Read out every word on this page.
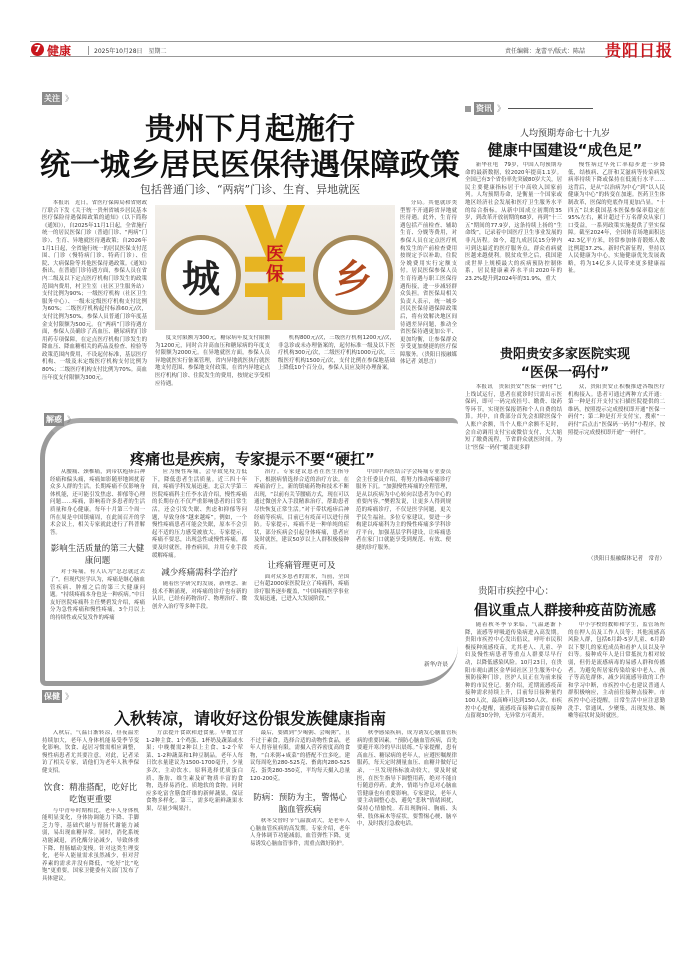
7 健康	2025年10月28日　星期二	责任编辑：龙蕾平/版式：陈喆 贵阳日报
关注 》
贵州下月起施行
统一城乡居民医保待遇保障政策
包括普通门诊、“两病”门诊、生育、异地就医
本报讯　近日，省医疗保障局和省财政厅联合下发《关于统一贵州省城乡居民基本医疗保险待遇保障政策的通知》（以下简称《通知》），自2025年11月1日起，全省施行统一的居民医保门诊（普通门诊、“两病”门诊）、生育、异地就医待遇政策；自2026年1月1日起，全省施行统一的居民医保支付范围、门诊（慢特病门诊、特药门诊）、住院、大病保险等其他医保待遇政策。《通知》指出，在普通门诊待遇方面，参保人员在省内二级及以下定点医疗机构门诊发生的政策范围内费用，村卫生室（社区卫生服务站）支付比例为90%；一级医疗机构（社区卫生服务中心）、一级未定级医疗机构支付比例为60%；二级医疗机构起付标准60元/次，支付比例为50%。参保人员普通门诊年度基金支付限额为500元。在“两病”门诊待遇方面，参保人员确诊了高血压、糖尿病的门诊用药专项保障，在定点医疗机构门诊发生的降血压、降血糖相关的药品及检查、检验等政策范围内费用，不设起付标准，基层医疗机构、一级及未定级医疗机构支付比例为80%；二级医疗机构支付比例为70%。高血压年度支付限额为300元。
城
医保	乡
度支付限额为300元，糖尿病年度支付限额为1200元，同时合并高血压和糖尿病的年度支付限额为2000元。在异地就医方面，参保人员异地就医实行备案管理，省内异地就医执行就医地支付范围、参保地支付政策，在省内异地定点医疗机构门诊、住院发生的费用，按规定享受相应待遇。
机构800元/次，三级医疗机构1200元/次，非急诊或未办理备案的，起付标准一级及以下医疗机构300元/次，二级医疗机构1000元/次，三级医疗机构1500元/次，支付比例在参保地基础上降低10个百分点，参保人员应及时办理备案。
分局。其他就诊类型暂不开通跨省异地就医待遇。此外，生育待遇包括产前检查、辅助生育、分娩等费用，对参保人员在定点医疗机构发生的产前检查费用按规定予以补助，住院分娩费用实行定额支付。居民医保参保人员生育待遇与职工医保待遇衔接，进一步减轻群众负担。省医保局相关负责人表示，统一城乡居民医保待遇保障政策后，将有效解决地区间待遇差异问题，推动全省医保待遇更加公平、更加均衡，让参保群众享受更加便捷的医疗保障服务。（贵阳日报融媒体记者 刘思言）
资讯 》
人均预期寿命七十九岁
健康中国建设“成色足”
新华社电　79岁，中国人均预期寿命的最新数据，较2020年提高1.1岁。全国已有3个省份率先突破80岁大关，居民主要健康指标居于中高收入国家前列。人均预期寿命，是衡量一个国家或地区经济社会发展和医疗卫生服务水平的综合指标。从新中国成立初期的35岁，到改革开放初期的68岁，再到“十三五”期间的77.9岁，这条持续上扬的“生命线”，记录着中国医疗卫生事业发展的非凡历程。如今，超九成居民15分钟内可到达最近的医疗服务点，群众看病就医越来越便利。脱贫攻坚之后，我国建成世界上规模最大的疾病预防控制体系，居民健康素养水平由2020年的23.2%提升到2024年的31.9%，重大
慢性病过早死亡率稳步进一步降低，结核病、乙肝和艾滋病等传染病发病率持续下降或保持在低流行水平……这背后，是从“以治病为中心”到“以人民健康为中心”的转变在加速。医药卫生体制改革，医保的兜底作用更加凸显。“十四五”以来我国基本医保参保率稳定在95%左右，累计超过千万名群众从家门口受益，一系列政策实施提供了坚实保障。截至2024年，全国体育场地面积达42.3亿平方米，经常参加体育锻炼人数比例超37.2%。新时代新征程，坚持以人民健康为中心，实施健康优先发展战略，将为14亿多人民带来更多健康福祉。
贵阳贵安多家医院实现
“医保一码付”
本报讯　贵阳贵安“医保一码付”已上线试运行，患者在就诊时只需出示医保码，即可一码完成挂号、缴费、取药等环节，实现医保报销和个人自费的结算。其中，自费部分首先会扣除医保个人账户余额，当个人账户余额不足时，会自动调用支付宝或微信支付，大大缩短了缴费流程，节省群众就医时间。为让“医保一码付”覆盖更多群
众，贵阳贵安正积极推进各级医疗机构接入。患者可通过两种方式开通：第一种是打开支付宝扫描医院提供的二维码，按照提示完成授权即开通“医保一码付”；第二种是打开支付宝，搜索“一码付”后点击“医保码一码付”小程序，按照提示完成授权即开通“一码付”。
（贵阳日报融媒体记者　常青）
贵阳市疾控中心：
倡议重点人群接种疫苗防流感
随着秋冬季节来临，气温逐渐下降，流感等呼吸道传染病进入高发期。贵阳市疾控中心发出倡议，呼吁市民积极接种流感疫苗，尤其老人、儿童、孕妇及慢性病患者等重点人群要尽早行动，以降低感染风险。10月23日，在贵阳市观山湖区金华园社区卫生服务中心预防接种门诊，医护人员正在为前来接种的市民登记。据介绍，近期流感疫苗接种需求持续上升，目前每日接种量约100人次，最高峰可达到150人次。市疾控中心提醒，流感疫苗接种后需在接种点留观30分钟，无异常方可离开。
中小学校的教师和学生，监管场所的在押人员及工作人员等；其他流感高风险人群，包括6月龄-5岁儿童、6月龄以下婴儿的家庭成员和看护人员以及孕妇等。接种成年人是日常抵抗力相对较弱，但仍是流感病毒的易感人群和传播者。为避免所居家传染给家中老人、孩子等高危群体，减少因流感导致的工作和学习中断，市疾控中心也建议普通人群积极响应，主动前往接种点接种。市疾控中心还提醒，日常生活中应注意勤洗手、常通风、少聚集，出现发热、咳嗽等症状时及时就医。
解惑 》
疼痛也是疾病，专家提示不要“硬扛”
从腰痛、颈椎痛，到带状疱疹后神经痛和偏头痛，疼痛如影随形地困扰着众多人群的生活。长期疼痛不仅影响身体机能，还可能引发焦虑、抑郁等心理问题……疼痛，影响着许多患者的生活质量和身心健康。每年十月第三个周一所在周是中国镇痛周，在此间召开的学术会议上，相关专家就此进行了科普解答。
影响生活质量的第三大健康问题
对于疼痛，有人认为“忍忍就过去了”。但现代医学认为，疼痛是继心脑血管疾病、肿瘤之后的第三大健康问题。“持续疼痛本身也是一种疾病。”中日友好医院疼痛科主任樊碧发介绍，疼痛分为急性疼痛和慢性疼痛，3个月以上的持续性或反复发作的疼痛
应为慢性疼痛，会导致免疫力低下，降低患者生活质量。近三四十年间，疼痛学科发展迅速。北京大学第三医院疼痛科主任李水清介绍，慢性疼痛的长期存在不仅严重影响患者的日常生活，还会引发失眠、焦虑和抑郁等问题，导致身体“越来越疼”。例如，一个慢性疼痛患者可能会失眠，原本不会引起不适的压力感受被放大。专家提示，疼痛不要忍，出现急性或慢性疼痛，都要及时就医，排查病因，并用专业手段缓解疼痛。
减少疼痛需科学治疗
随着医学研究的发展，新理念、新技术不断涌现，对疼痛的诊疗也有新的认识，已经有药物治疗、物理治疗、微创介入治疗等多种手段。
治疗。专家建议患者在医生指导下，根据病情选择合适的治疗方法。在疼痛治疗上，新的镇痛药物和技术不断出现，“以前有关节腰痛方式，现在可以通过微创介入手段精准治疗，帮助患者尽快恢复正常生活。”对于带状疱疹后神经痛等疾病，目前已有疫苗可以进行预防。专家提示，疼痛不是一种单纯的症状，部分疾病会引起身体疼痛，患者应及时就医，建议50岁以上人群积极接种疫苗。
让疼痛管理更可及
面对众多患者的需求，当前，全国已有超2000家医院设立了疼痛科，疼痛诊疗服务逐步覆盖，“中国疼痛医学事业发展迅速，已进入大发展阶段。”
中国中西医结合学会疼痛专业委员会主任委员介绍，将努力推动疼痛诊疗服务下沉。“加强慢性疼痛的全程管理，是从以疾病为中心转向以患者为中心的重要内容。”樊碧发说，让更多人得到规范的疼痛诊疗，不仅是医学问题，更关乎民生福祉。多位专家建议，要进一步构建以疼痛科为主的慢性疼痛多学科诊疗平台，加强基层学科建设，让疼痛患者在家门口就能享受到规范、有效、便捷的诊疗服务。
新华/许晨
保健 》
入秋转凉，请收好这份银发族健康指南
入秋后，气温日渐转凉，昼夜温差持续加大，老年人身体机能易受季节变化影响，饮食、起居习惯需相应调整，慢性病患者尤其要注意。对此，记者采访了相关专家，请他们为老年人秋季保健支招。
饮食：精准搭配，吃好比吃饱更重要
与中青年时期相比，老年人身体机能明显变化，身体协调能力下降、手脚乏力等，基础代谢与胃肠代谢能力减弱，易出现血糖异常。同时，消化系统功能减退，消化酶分泌减少，导致体重下降、胃肠蠕动变慢。针对这类生理变化，老年人能量需求虽然减少，但对营养素的需求并没有降低，“吃好”比“吃饱”更重要，国家卫健委有关部门发布了具体建议。
方法提升食欲和进食量。早餐宜含1-2种主食、1个鸡蛋、1杯奶及蔬菜或水果；中晚餐需2种以上主食、1-2个荤菜、1-2种蔬菜和1种豆制品。老年人每日饮水量建议为1500-1700毫升，少量多次，主动饮水。原料选择优质蛋白质、脂肪、维生素及矿物质丰富的食物，选择易消化、质地软的食物。同时应多吃富含膳食纤维的新鲜蔬果，保证食物多样化。第三，需多吃新鲜蔬果水果，尽量少喝果汁。
最后，要做到“少喝粥、会喝粥”，且不过于素食。选择合适的动物性食品，老年人胃容量有限，需摄入营养密度高的食物，“白米粥+咸菜”的搭配不宜多吃。建议每周吃鱼280-525克、畜禽肉280-525克、蛋类280-350克，平均每天摄入总量120-200克。
防病：预防为主，警惕心脑血管疾病
秋冬交替时节气温波动大，是老年人心脑血管疾病的高发期。专家介绍，老年人身体调节功能减弱，血管弹性下降，更易诱发心脑血管事件，需重点做好防护。
秋季感染疾病，成为诱发心脑血管疾病的重要因素。“预防心脑血管疾病，首先要避开寒冷的早出晨练。”专家提醒，患有高血压、糖尿病的老年人，应遵医嘱规律服药，每天定时测量血压、血糖并做好记录，一旦发现指标波动较大，要及时就医，在医生指导下调整用药，绝对不能自行随意停药。此外，情绪与作息对心脑血管健康也有重要影响。专家建议，老年人要主动调整心态，避免“悲秋”情绪困扰，保持心情愉悦。若出现胸闷、胸痛、头晕、肢体麻木等症状，要警惕心梗、脑卒中，及时拨打急救电话。
